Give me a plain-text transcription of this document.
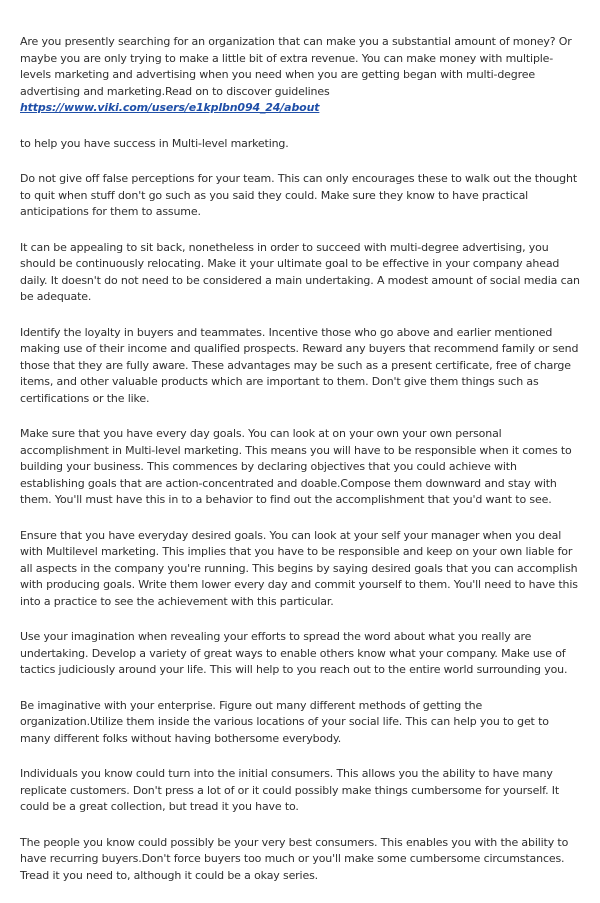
Are you presently searching for an organization that can make you a substantial amount of money? Or maybe you are only trying to make a little bit of extra revenue. You can make money with multiple-levels marketing and advertising when you need when you are getting began with multi-degree advertising and marketing.Read on to discover guidelines https://www.viki.com/users/e1kplbn094_24/about

to help you have success in Multi-level marketing.

Do not give off false perceptions for your team. This can only encourages these to walk out the thought to quit when stuff don't go such as you said they could. Make sure they know to have practical anticipations for them to assume.

It can be appealing to sit back, nonetheless in order to succeed with multi-degree advertising, you should be continuously relocating. Make it your ultimate goal to be effective in your company ahead daily. It doesn't do not need to be considered a main undertaking. A modest amount of social media can be adequate.

Identify the loyalty in buyers and teammates. Incentive those who go above and earlier mentioned making use of their income and qualified prospects. Reward any buyers that recommend family or send those that they are fully aware. These advantages may be such as a present certificate, free of charge items, and other valuable products which are important to them. Don't give them things such as certifications or the like.

Make sure that you have every day goals. You can look at on your own your own personal accomplishment in Multi-level marketing. This means you will have to be responsible when it comes to building your business. This commences by declaring objectives that you could achieve with establishing goals that are action-concentrated and doable.Compose them downward and stay with them. You'll must have this in to a behavior to find out the accomplishment that you'd want to see.

Ensure that you have everyday desired goals. You can look at your self your manager when you deal with Multilevel marketing. This implies that you have to be responsible and keep on your own liable for all aspects in the company you're running. This begins by saying desired goals that you can accomplish with producing goals. Write them lower every day and commit yourself to them. You'll need to have this into a practice to see the achievement with this particular.

Use your imagination when revealing your efforts to spread the word about what you really are undertaking. Develop a variety of great ways to enable others know what your company. Make use of tactics judiciously around your life. This will help to you reach out to the entire world surrounding you.

Be imaginative with your enterprise. Figure out many different methods of getting the organization.Utilize them inside the various locations of your social life. This can help you to get to many different folks without having bothersome everybody.

Individuals you know could turn into the initial consumers. This allows you the ability to have many replicate customers. Don't press a lot of or it could possibly make things cumbersome for yourself. It could be a great collection, but tread it you have to.

The people you know could possibly be your very best consumers. This enables you with the ability to have recurring buyers.Don't force buyers too much or you'll make some cumbersome circumstances. Tread it you need to, although it could be a okay series.
